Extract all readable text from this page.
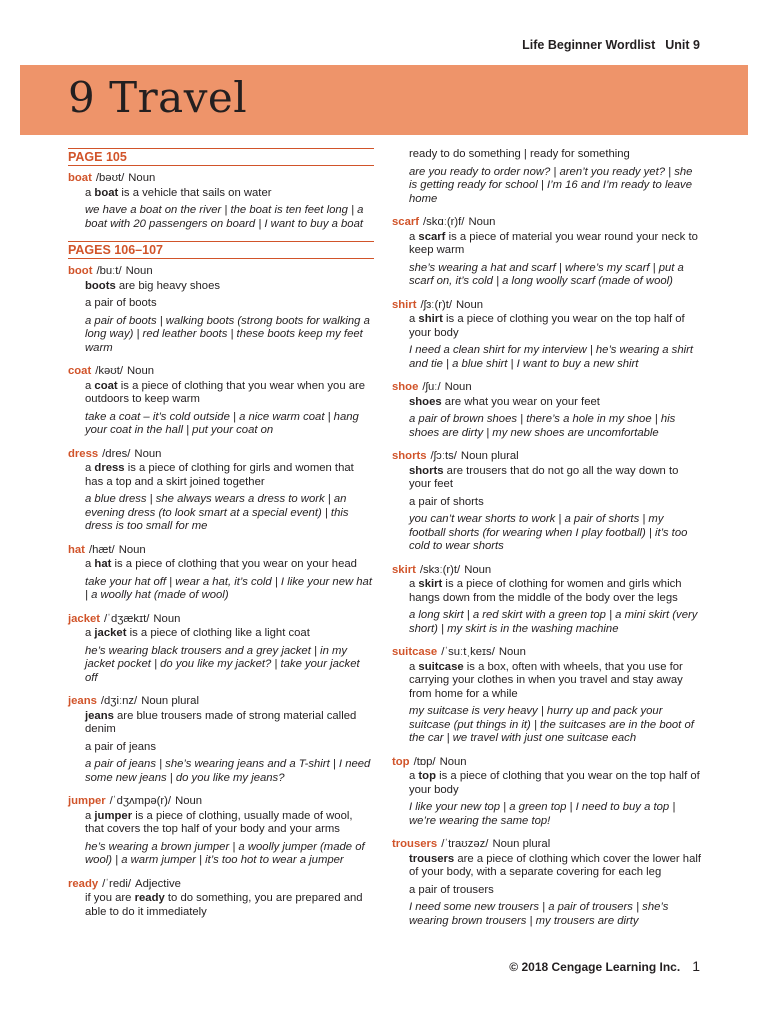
Life Beginner Wordlist Unit 9
9 Travel
PAGE 105
boat /bəʊt/ Noun
a boat is a vehicle that sails on water
we have a boat on the river | the boat is ten feet long | a boat with 20 passengers on board | I want to buy a boat
PAGES 106–107
boot /buːt/ Noun
boots are big heavy shoes
a pair of boots
a pair of boots | walking boots (strong boots for walking a long way) | red leather boots | these boots keep my feet warm
coat /kəʊt/ Noun
a coat is a piece of clothing that you wear when you are outdoors to keep warm
take a coat – it’s cold outside | a nice warm coat | hang your coat in the hall | put your coat on
dress /dres/ Noun
a dress is a piece of clothing for girls and women that has a top and a skirt joined together
a blue dress | she always wears a dress to work | an evening dress (to look smart at a special event) | this dress is too small for me
hat /hæt/ Noun
a hat is a piece of clothing that you wear on your head
take your hat off | wear a hat, it’s cold | I like your new hat | a woolly hat (made of wool)
jacket /ˈdʒækɪt/ Noun
a jacket is a piece of clothing like a light coat
he’s wearing black trousers and a grey jacket | in my jacket pocket | do you like my jacket? | take your jacket off
jeans /dʒiːnz/ Noun plural
jeans are blue trousers made of strong material called denim
a pair of jeans
a pair of jeans | she’s wearing jeans and a T-shirt | I need some new jeans | do you like my jeans?
jumper /ˈdʒʌmpə(r)/ Noun
a jumper is a piece of clothing, usually made of wool, that covers the top half of your body and your arms
he’s wearing a brown jumper | a woolly jumper (made of wool) | a warm jumper | it’s too hot to wear a jumper
ready /ˈredi/ Adjective
if you are ready to do something, you are prepared and able to do it immediately
ready to do something | ready for something
are you ready to order now? | aren’t you ready yet? | she is getting ready for school | I’m 16 and I’m ready to leave home
scarf /skɑː(r)f/ Noun
a scarf is a piece of material you wear round your neck to keep warm
she’s wearing a hat and scarf | where’s my scarf | put a scarf on, it’s cold | a long woolly scarf (made of wool)
shirt /ʃɜː(r)t/ Noun
a shirt is a piece of clothing you wear on the top half of your body
I need a clean shirt for my interview | he’s wearing a shirt and tie | a blue shirt | I want to buy a new shirt
shoe /ʃuː/ Noun
shoes are what you wear on your feet
a pair of brown shoes | there’s a hole in my shoe | his shoes are dirty | my new shoes are uncomfortable
shorts /ʃɔːts/ Noun plural
shorts are trousers that do not go all the way down to your feet
a pair of shorts
you can’t wear shorts to work | a pair of shorts | my football shorts (for wearing when I play football) | it’s too cold to wear shorts
skirt /skɜː(r)t/ Noun
a skirt is a piece of clothing for women and girls which hangs down from the middle of the body over the legs
a long skirt | a red skirt with a green top | a mini skirt (very short) | my skirt is in the washing machine
suitcase /ˈsuːtˌkeɪs/ Noun
a suitcase is a box, often with wheels, that you use for carrying your clothes in when you travel and stay away from home for a while
my suitcase is very heavy | hurry up and pack your suitcase (put things in it) | the suitcases are in the boot of the car | we travel with just one suitcase each
top /tɒp/ Noun
a top is a piece of clothing that you wear on the top half of your body
I like your new top | a green top | I need to buy a top | we’re wearing the same top!
trousers /ˈtraʊzəz/ Noun plural
trousers are a piece of clothing which cover the lower half of your body, with a separate covering for each leg
a pair of trousers
I need some new trousers | a pair of trousers | she’s wearing brown trousers | my trousers are dirty
© 2018 Cengage Learning Inc. 1
